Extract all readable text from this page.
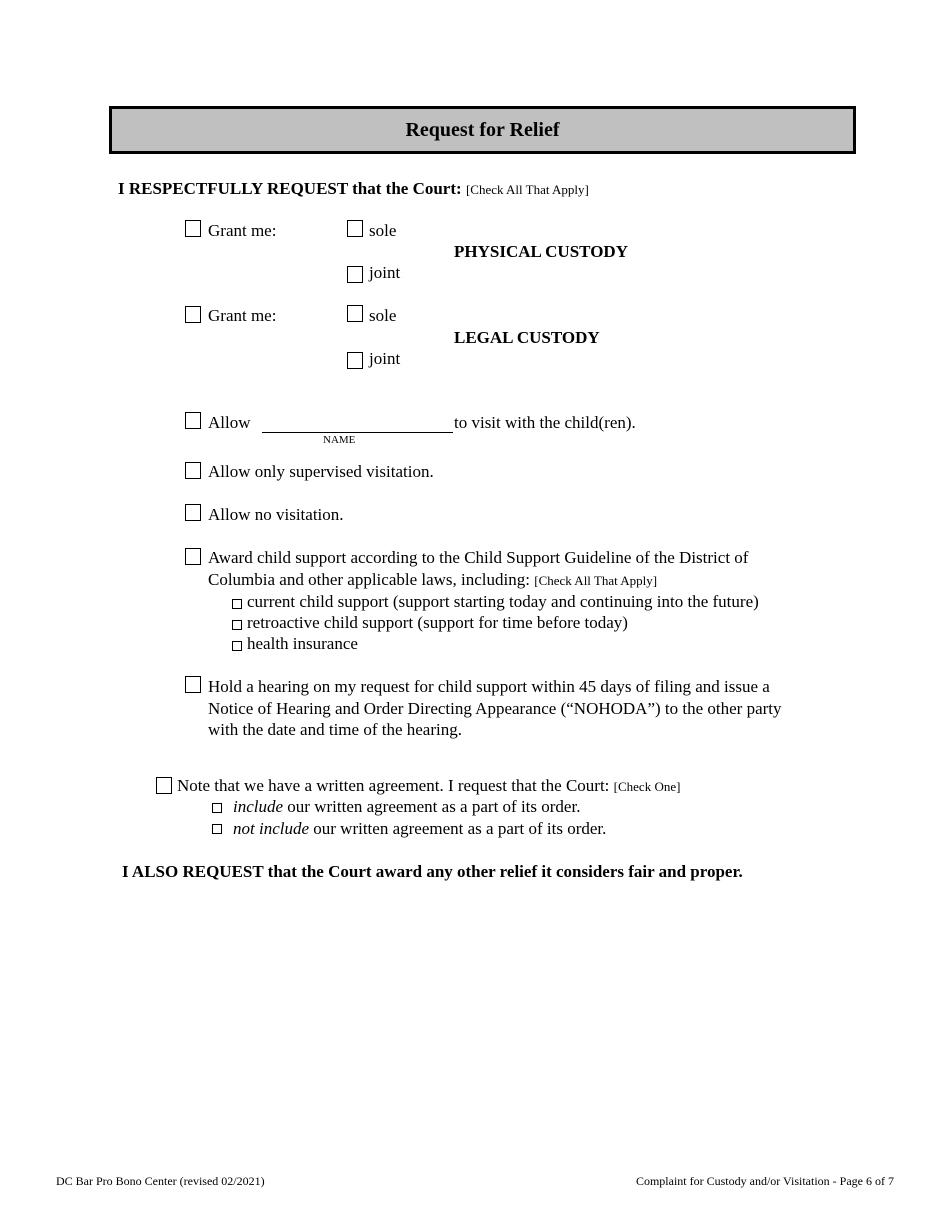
Request for Relief
I RESPECTFULLY REQUEST that the Court: [Check All That Apply]
Grant me:	sole
joint
PHYSICAL CUSTODY
Grant me:	sole
joint
LEGAL CUSTODY
Allow	to visit with the child(ren).
NAME
Allow only supervised visitation.
Allow no visitation.
Award child support according to the Child Support Guideline of the District of
Columbia and other applicable laws, including: [Check All That Apply]
current child support (support starting today and continuing into the future)
retroactive child support (support for time before today)
health insurance
Hold a hearing on my request for child support within 45 days of filing and issue a
Notice of Hearing and Order Directing Appearance (“NOHODA”) to the other party
with the date and time of the hearing.
Note that we have a written agreement. I request that the Court: [Check One]
include our written agreement as a part of its order.
not include our written agreement as a part of its order.
I ALSO REQUEST that the Court award any other relief it considers fair and proper.
DC Bar Pro Bono Center (revised 02/2021)	Complaint for Custody and/or Visitation - Page 6 of 7
